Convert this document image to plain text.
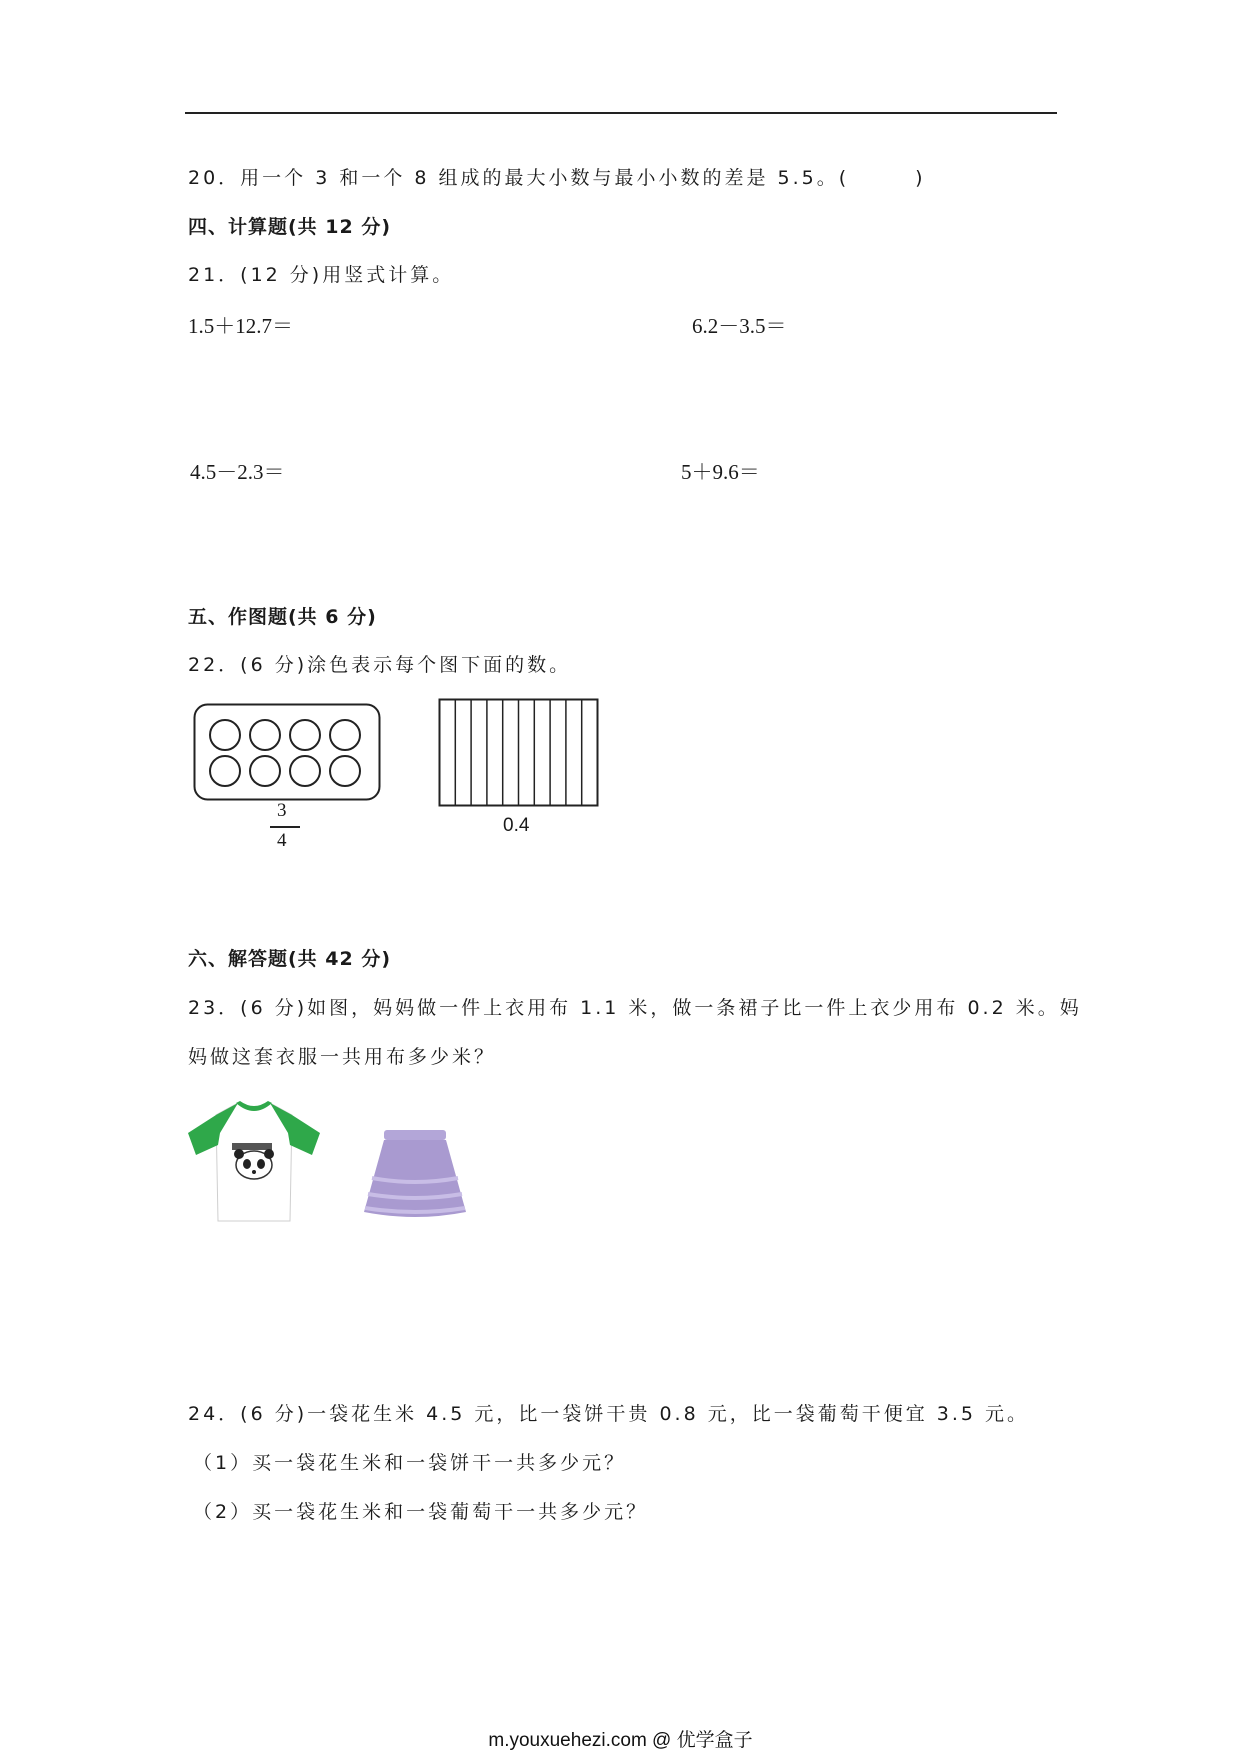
20．用一个 3 和一个 8 组成的最大小数与最小小数的差是 5.5。(　　　)
四、计算题(共 12 分)
21．(12 分)用竖式计算。
1.5＋12.7＝	6.2－3.5＝
4.5－2.3＝	5＋9.6＝
五、作图题(共 6 分)
22．(6 分)涂色表示每个图下面的数。
3
4
0.4
六、解答题(共 42 分)
23．(6 分)如图，妈妈做一件上衣用布 1.1 米，做一条裙子比一件上衣少用布 0.2 米。妈
妈做这套衣服一共用布多少米？
24．(6 分)一袋花生米 4.5 元，比一袋饼干贵 0.8 元，比一袋葡萄干便宜 3.5 元。
（1）买一袋花生米和一袋饼干一共多少元？
（2）买一袋花生米和一袋葡萄干一共多少元？
m.youxuehezi.com @ 优学盒子
